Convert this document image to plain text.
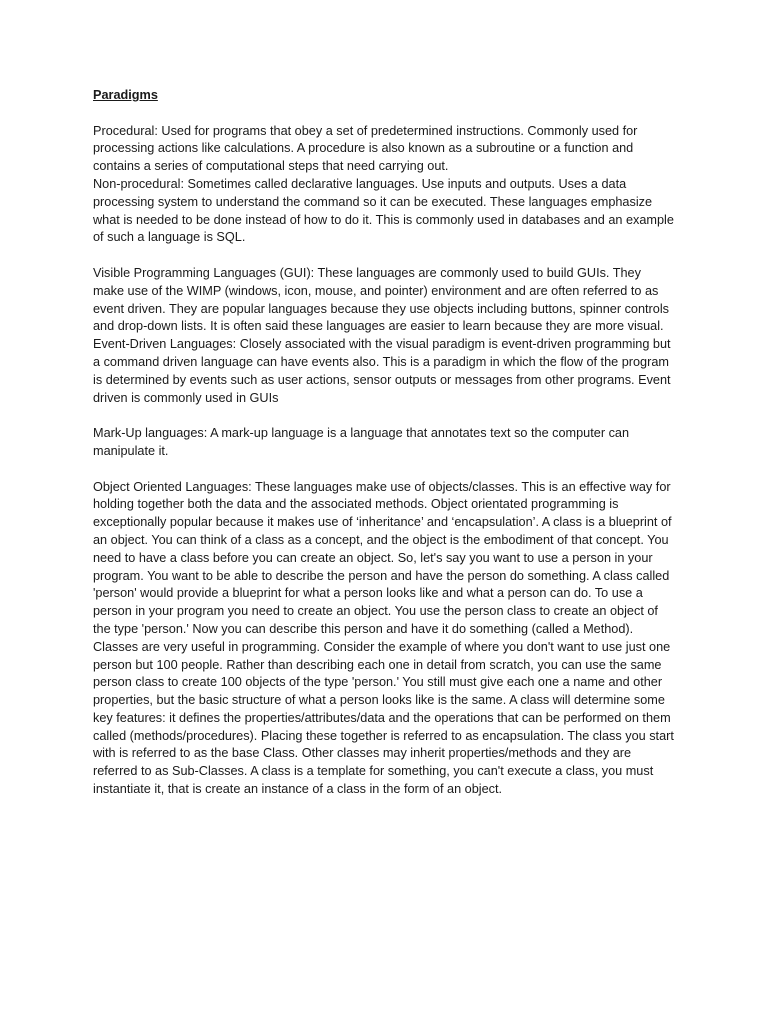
Paradigms

Procedural: Used for programs that obey a set of predetermined instructions. Commonly used for processing actions like calculations. A procedure is also known as a subroutine or a function and contains a series of computational steps that need carrying out.

Non-procedural: Sometimes called declarative languages. Use inputs and outputs. Uses a data processing system to understand the command so it can be executed. These languages emphasize what is needed to be done instead of how to do it. This is commonly used in databases and an example of such a language is SQL.

Visible Programming Languages (GUI): These languages are commonly used to build GUIs. They make use of the WIMP (windows, icon, mouse, and pointer) environment and are often referred to as event driven. They are popular languages because they use objects including buttons, spinner controls and drop-down lists. It is often said these languages are easier to learn because they are more visual.

Event-Driven Languages: Closely associated with the visual paradigm is event-driven programming but a command driven language can have events also. This is a paradigm in which the flow of the program is determined by events such as user actions, sensor outputs or messages from other programs. Event driven is commonly used in GUIs

Mark-Up languages: A mark-up language is a language that annotates text so the computer can manipulate it.

Object Oriented Languages: These languages make use of objects/classes. This is an effective way for holding together both the data and the associated methods. Object orientated programming is exceptionally popular because it makes use of ‘inheritance’ and ‘encapsulation’. A class is a blueprint of an object. You can think of a class as a concept, and the object is the embodiment of that concept. You need to have a class before you can create an object. So, let's say you want to use a person in your program. You want to be able to describe the person and have the person do something. A class called 'person' would provide a blueprint for what a person looks like and what a person can do. To use a person in your program you need to create an object. You use the person class to create an object of the type 'person.' Now you can describe this person and have it do something (called a Method). Classes are very useful in programming. Consider the example of where you don't want to use just one person but 100 people. Rather than describing each one in detail from scratch, you can use the same person class to create 100 objects of the type 'person.' You still must give each one a name and other properties, but the basic structure of what a person looks like is the same. A class will determine some key features: it defines the properties/attributes/data and the operations that can be performed on them called (methods/procedures). Placing these together is referred to as encapsulation. The class you start with is referred to as the base Class. Other classes may inherit properties/methods and they are referred to as Sub-Classes. A class is a template for something, you can't execute a class, you must instantiate it, that is create an instance of a class in the form of an object.
